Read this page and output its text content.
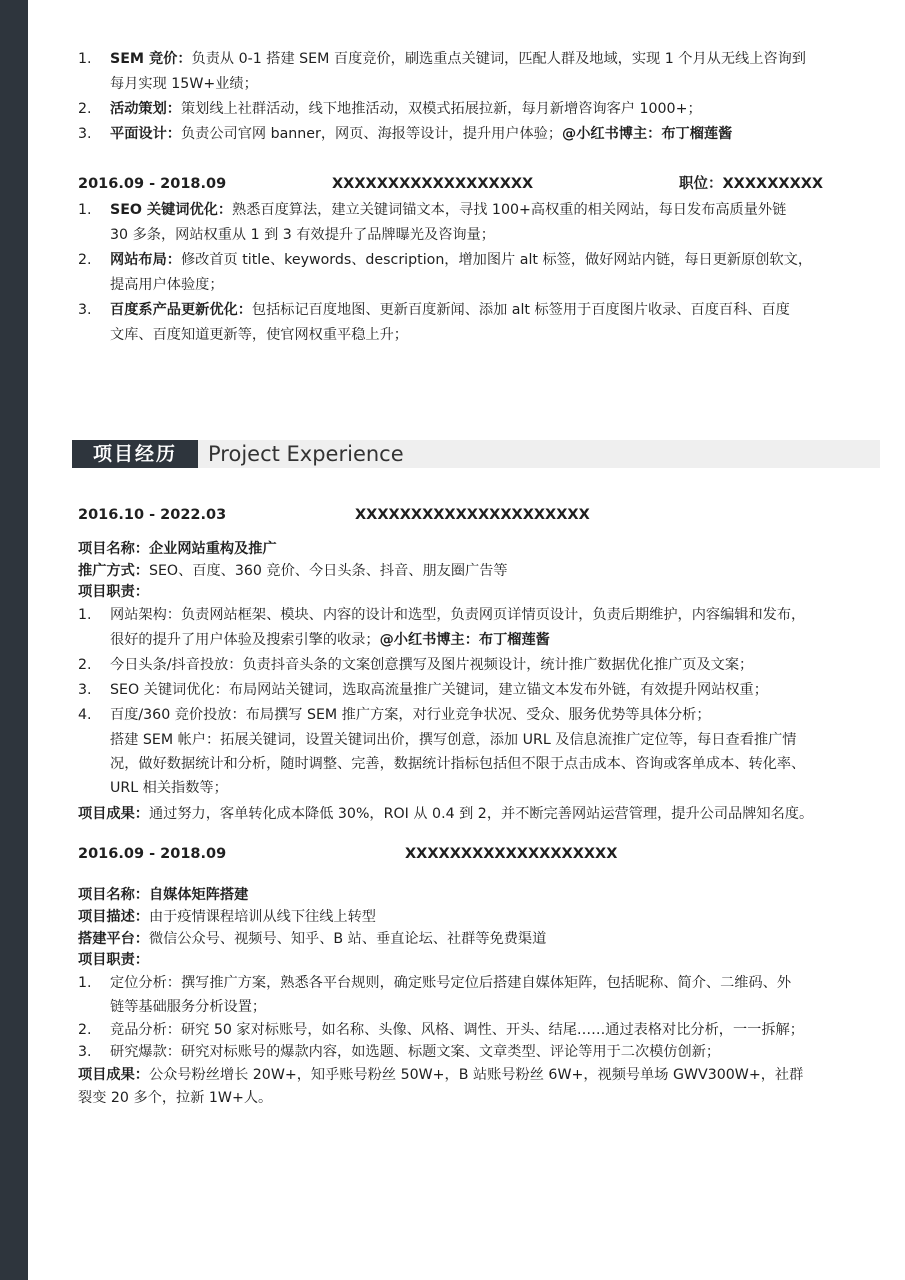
1. SEM 竞价：负责从 0-1 搭建 SEM 百度竞价，刷选重点关键词，匹配人群及地域，实现 1 个月从无线上咨询到
每月实现 15W+业绩；
2. 活动策划：策划线上社群活动，线下地推活动，双模式拓展拉新，每月新增咨询客户 1000+；
3. 平面设计：负责公司官网 banner，网页、海报等设计，提升用户体验；@小红书博主：布丁榴莲酱
2016.09 - 2018.09	XXXXXXXXXXXXXXXXXX	职位：XXXXXXXXX
1. SEO 关键词优化：熟悉百度算法，建立关键词锚文本，寻找 100+高权重的相关网站，每日发布高质量外链
30 多条，网站权重从 1 到 3 有效提升了品牌曝光及咨询量；
2. 网站布局：修改首页 title、keywords、description，增加图片 alt 标签，做好网站内链，每日更新原创软文，
提高用户体验度；
3. 百度系产品更新优化：包括标记百度地图、更新百度新闻、添加 alt 标签用于百度图片收录、百度百科、百度
文库、百度知道更新等，使官网权重平稳上升；
项目经历	Project Experience
2016.10 - 2022.03	XXXXXXXXXXXXXXXXXXXXX
项目名称：企业网站重构及推广
推广方式：SEO、百度、360 竞价、今日头条、抖音、朋友圈广告等
项目职责：
1. 网站架构：负责网站框架、模块、内容的设计和选型，负责网页详情页设计，负责后期维护，内容编辑和发布，
很好的提升了用户体验及搜索引擎的收录；@小红书博主：布丁榴莲酱
2. 今日头条/抖音投放：负责抖音头条的文案创意撰写及图片视频设计，统计推广数据优化推广页及文案；
3. SEO 关键词优化：布局网站关键词，选取高流量推广关键词，建立锚文本发布外链，有效提升网站权重；
4. 百度/360 竞价投放：布局撰写 SEM 推广方案，对行业竞争状况、受众、服务优势等具体分析；
搭建 SEM 帐户：拓展关键词，设置关键词出价，撰写创意，添加 URL 及信息流推广定位等，每日查看推广情
况，做好数据统计和分析，随时调整、完善，数据统计指标包括但不限于点击成本、咨询或客单成本、转化率、
URL 相关指数等；
项目成果：通过努力，客单转化成本降低 30%，ROI 从 0.4 到 2，并不断完善网站运营管理，提升公司品牌知名度。
2016.09 - 2018.09	XXXXXXXXXXXXXXXXXXX
项目名称：自媒体矩阵搭建
项目描述：由于疫情课程培训从线下往线上转型
搭建平台：微信公众号、视频号、知乎、B 站、垂直论坛、社群等免费渠道
项目职责：
1. 定位分析：撰写推广方案，熟悉各平台规则，确定账号定位后搭建自媒体矩阵，包括昵称、简介、二维码、外
链等基础服务分析设置；
2. 竞品分析：研究 50 家对标账号，如名称、头像、风格、调性、开头、结尾……通过表格对比分析，一一拆解；
3. 研究爆款：研究对标账号的爆款内容，如选题、标题文案、文章类型、评论等用于二次模仿创新；
项目成果：公众号粉丝增长 20W+，知乎账号粉丝 50W+，B 站账号粉丝 6W+，视频号单场 GWV300W+，社群
裂变 20 多个，拉新 1W+人。
